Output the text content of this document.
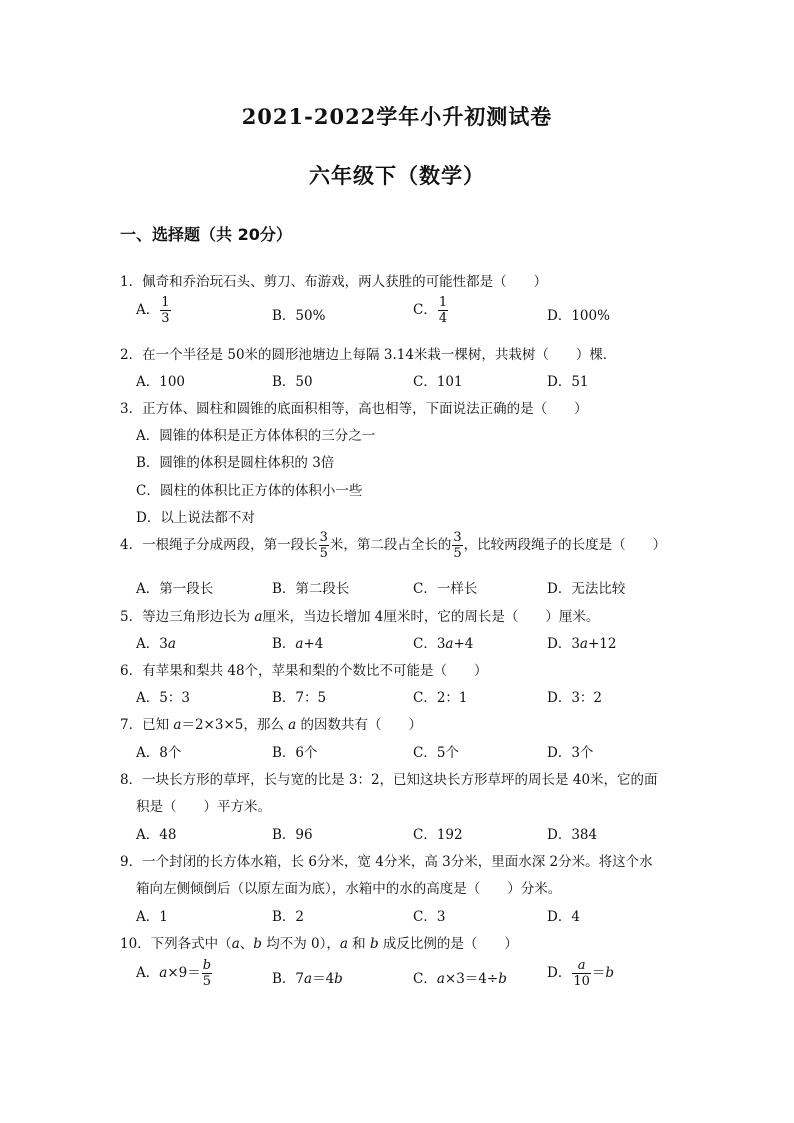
2021-2022学年小升初测试卷
六年级下（数学）
一、选择题（共 20分）
1．佩奇和乔治玩石头、剪刀、布游戏，两人获胜的可能性都是（　　）
A． $\frac{1}{3}$	B．50%	C． $\frac{1}{4}$	D．100%
2．在一个半径是 50米的圆形池塘边上每隔 3.14米栽一棵树，共栽树（　　）棵．
A．100	B．50	C．101	D．51
3．正方体、圆柱和圆锥的底面积相等，高也相等，下面说法正确的是（　　）
A．圆锥的体积是正方体体积的三分之一
B．圆锥的体积是圆柱体积的 3倍
C．圆柱的体积比正方体的体积小一些
D．以上说法都不对
4．一根绳子分成两段，第一段长 $\frac{3}{5}$ 米，第二段占全长的 $\frac{3}{5}$ ，比较两段绳子的长度是（　　）
A．第一段长	B．第二段长	C．一样长	D．无法比较
5．等边三角形边长为 a厘米，当边长增加 4厘米时，它的周长是（　　）厘米。
A．3a	B．a+4	C．3a+4	D．3a+12
6．有苹果和梨共 48个，苹果和梨的个数比不可能是（　　）
A．5：3	B．7：5	C．2：1	D．3：2
7．已知 a＝2×3×5，那么 a 的因数共有（　　）
A．8个	B．6个	C．5个	D．3个
8．一块长方形的草坪，长与宽的比是 3：2，已知这块长方形草坪的周长是 40米，它的面
积是（　　）平方米。
A．48	B．96	C．192	D．384
9．一个封闭的长方体水箱，长 6分米，宽 4分米，高 3分米，里面水深 2分米。将这个水
箱向左侧倾倒后（以原左面为底），水箱中的水的高度是（　　）分米。
A．1	B．2	C．3	D．4
10．下列各式中（a、b 均不为 0），a 和 b 成反比例的是（　　）
A．$a\times 9= \frac{b}{5}$	B．7a＝4b	C．a×3＝4÷b	D． $\frac{a}{10} =b$
